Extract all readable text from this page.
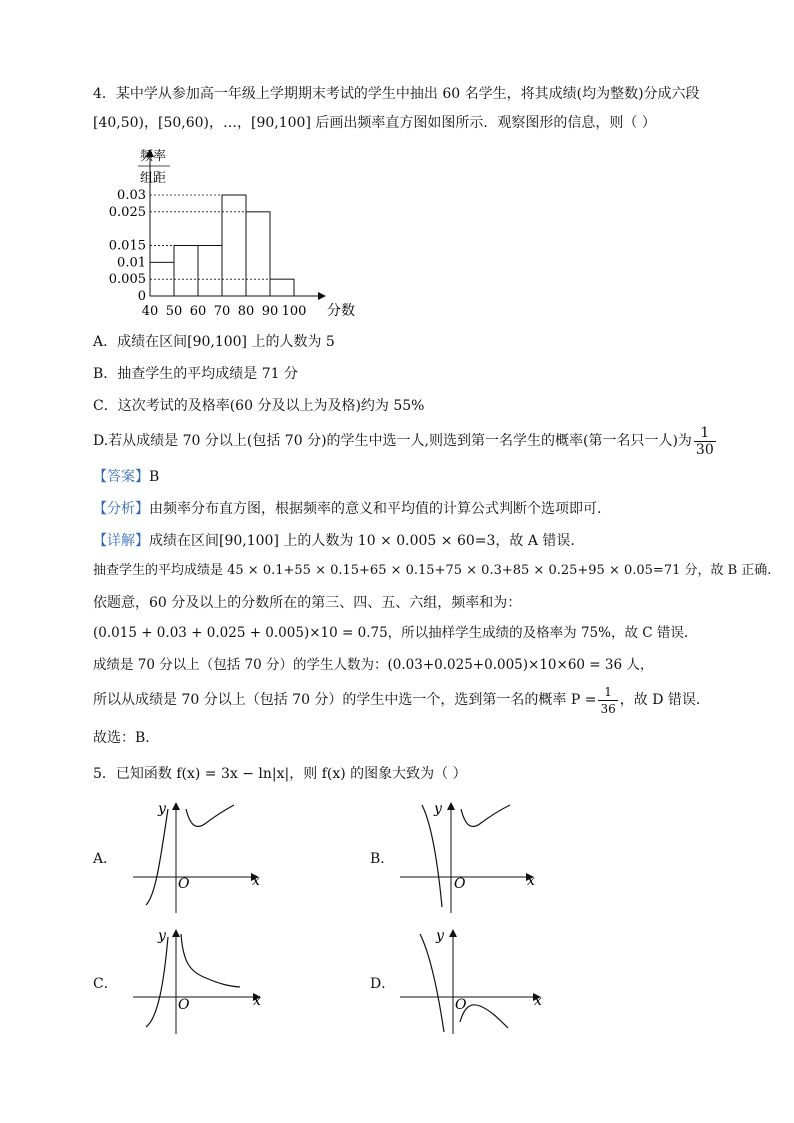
4．某中学从参加高一年级上学期期末考试的学生中抽出 60 名学生，将其成绩(均为整数)分成六段
[40,50)，[50,60)，…，[90,100] 后画出频率直方图如图所示．观察图形的信息，则（ ）
0
0.005
0.01
0.015
0.025
0.03
40 50 60 70 80 90 100
频率
组距
分数
A．成绩在区间[90,100] 上的人数为 5
B．抽查学生的平均成绩是 71 分
C．这次考试的及格率(60 分及以上为及格)约为 55%
D.若从成绩是 70 分以上(包括 70 分)的学生中选一人,则选到第一名学生的概率(第一名只一人)为 $\frac{1}{30}$
【答案】B
【分析】由频率分布直方图，根据频率的意义和平均值的计算公式判断个选项即可.
【详解】成绩在区间[90,100] 上的人数为 10 × 0.005 × 60=3，故 A 错误.
抽查学生的平均成绩是 45 × 0.1+55 × 0.15+65 × 0.15+75 × 0.3+85 × 0.25+95 × 0.05=71 分，故 B 正确.
依题意，60 分及以上的分数所在的第三、四、五、六组，频率和为：
(0.015 + 0.03 + 0.025 + 0.005)×10 = 0.75，所以抽样学生成绩的及格率为 75%，故 C 错误.
成绩是 70 分以上（包括 70 分）的学生人数为：(0.03+0.025+0.005)×10×60 = 36 人，
所以从成绩是 70 分以上（包括 70 分）的学生中选一个，选到第一名的概率 $P = \frac{1}{36}$ ，故 D 错误.
故选：B.
5．已知函数 f(x) = 3x − ln|x|，则 f(x) 的图象大致为（ ）
A．
O	x
y
B．
O	x
y
C．
O	x
y
D．
O	x
y
